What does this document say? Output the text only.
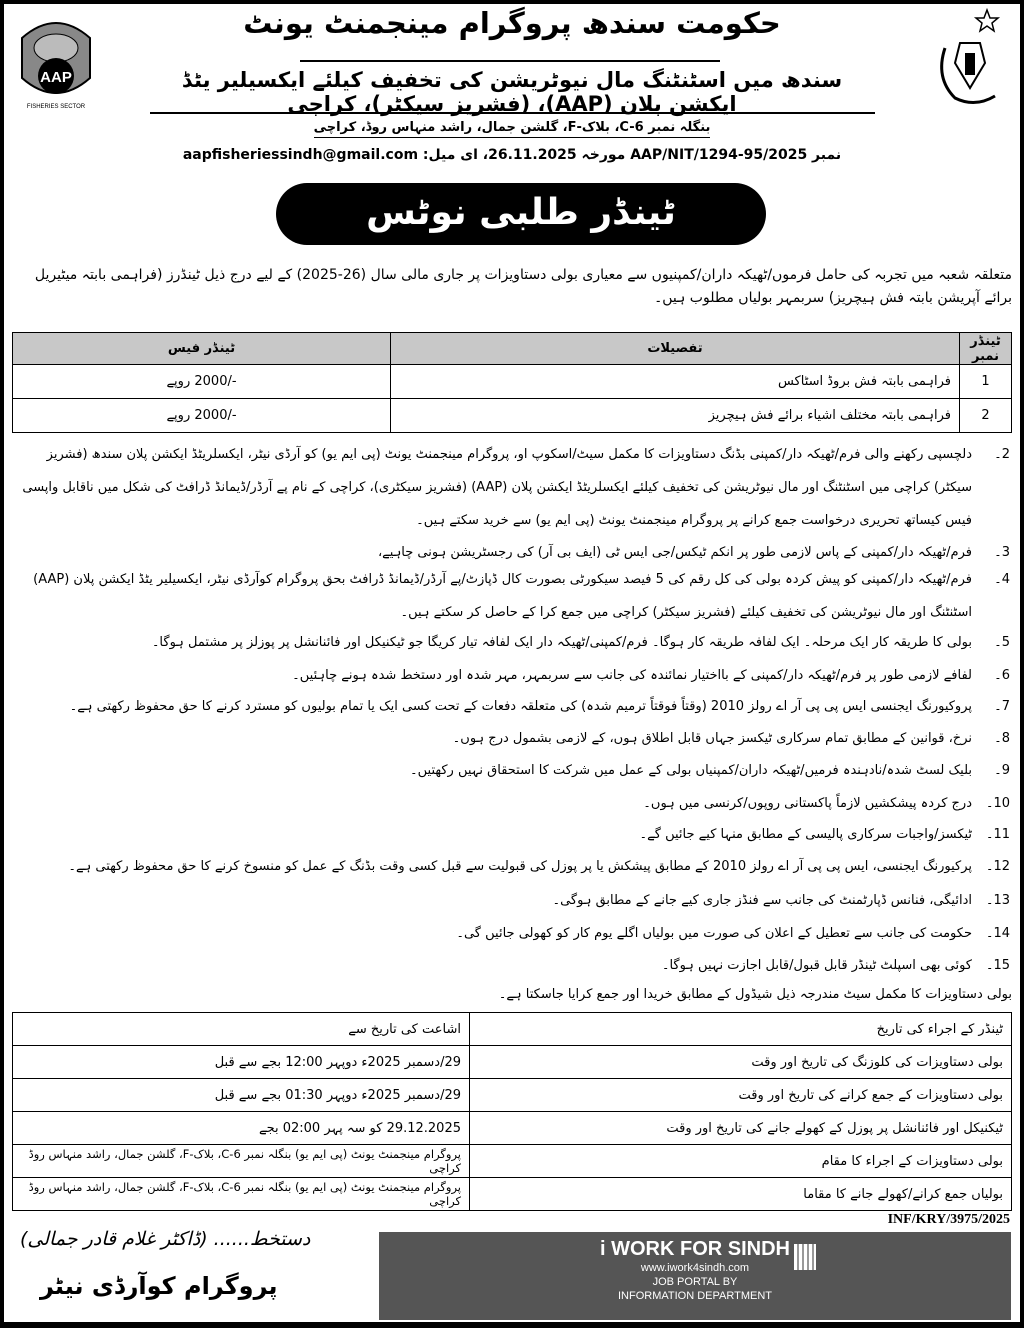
AAP
FISHERIES SECTOR
حکومت سندھ پروگرام مینجمنٹ یونٹ
سندھ میں اسٹنٹنگ مال نیوٹریشن کی تخفیف کیلئے ایکسیلیر یٹڈ ایکشن پلان (AAP)، (فشریز سیکٹر)، کراچی
بنگلہ نمبر C-6، بلاک-F، گلشن جمال، راشد منہاس روڈ، کراچی
نمبر AAP/NIT/1294-95/2025 مورخہ 26.11.2025، ای میل: aapfisheriessindh@gmail.com
ٹینڈر طلبی نوٹس
متعلقہ شعبہ میں تجربہ کی حامل فرموں/ٹھیکہ داران/کمپنیوں سے معیاری بولی دستاویزات پر جاری مالی سال (26-2025) کے لیے درج ذیل ٹینڈرز (فراہمی بابتہ میٹیریل برائے آپریشن بابتہ فش ہیچریز) سربمہر بولیاں مطلوب ہیں۔
ٹینڈر نمبر	تفصیلات	ٹینڈر فیس
1	فراہمی بابتہ فش بروڈ اسٹاکس	-/2000 روپے
2	فراہمی بابتہ مختلف اشیاء برائے فش ہیچریز	-/2000 روپے
2۔
دلچسپی رکھنے والی فرم/ٹھیکہ دار/کمپنی بڈنگ دستاویزات کا مکمل سیٹ/اسکوپ او، پروگرام مینجمنٹ یونٹ (پی ایم یو) کو آرڈی نیٹر، ایکسلریٹڈ ایکشن پلان سندھ (فشریز سیکٹر) کراچی میں اسٹنٹنگ اور مال نیوٹریشن کی تخفیف کیلئے ایکسلریٹڈ ایکشن پلان (AAP) (فشریز سیکٹری)، کراچی کے نام پے آرڈر/ڈیمانڈ ڈرافٹ کی شکل میں ناقابل واپسی فیس کیساتھ تحریری درخواست جمع کرانے پر پروگرام مینجمنٹ یونٹ (پی ایم یو) سے خرید سکتے ہیں۔
3۔
فرم/ٹھیکہ دار/کمپنی کے پاس لازمی طور پر انکم ٹیکس/جی ایس ٹی (ایف بی آر) کی رجسٹریشن ہونی چاہیے،
4۔
فرم/ٹھیکہ دار/کمپنی کو پیش کردہ بولی کی کل رقم کی 5 فیصد سیکورٹی بصورت کال ڈپازٹ/پے آرڈر/ڈیمانڈ ڈرافٹ بحق پروگرام کوآرڈی نیٹر، ایکسیلیر یٹڈ ایکشن پلان (AAP) اسٹنٹنگ اور مال نیوٹریشن کی تخفیف کیلئے (فشریز سیکٹر) کراچی میں جمع کرا کے حاصل کر سکتے ہیں۔
5۔
بولی کا طریقہ کار ایک مرحلہ۔ ایک لفافہ طریقہ کار ہوگا۔ فرم/کمپنی/ٹھیکہ دار ایک لفافہ تیار کریگا جو ٹیکنیکل اور فائنانشل پر پوزلز پر مشتمل ہوگا۔
6۔
لفافے لازمی طور پر فرم/ٹھیکہ دار/کمپنی کے بااختیار نمائندہ کی جانب سے سربمہر، مہر شدہ اور دستخط شدہ ہونے چاہئیں۔
7۔
پروکیورنگ ایجنسی ایس پی پی آر اے رولز 2010 (وقتاً فوقتاً ترمیم شدہ) کی متعلقہ دفعات کے تحت کسی ایک یا تمام بولیوں کو مسترد کرنے کا حق محفوظ رکھتی ہے۔
8۔
نرخ، قوانین کے مطابق تمام سرکاری ٹیکسز جہاں قابل اطلاق ہوں، کے لازمی بشمول درج ہوں۔
9۔
بلیک لسٹ شدہ/نادہندہ فرمیں/ٹھیکہ داران/کمپنیاں بولی کے عمل میں شرکت کا استحقاق نہیں رکھتیں۔
10۔
درج کردہ پیشکشیں لازماً پاکستانی روپوں/کرنسی میں ہوں۔
11۔
ٹیکسز/واجبات سرکاری پالیسی کے مطابق منہا کیے جائیں گے۔
12۔
پرکیورنگ ایجنسی، ایس پی پی آر اے رولز 2010 کے مطابق پیشکش یا پر پوزل کی قبولیت سے قبل کسی وقت بڈنگ کے عمل کو منسوخ کرنے کا حق محفوظ رکھتی ہے۔
13۔
ادائیگی، فنانس ڈپارٹمنٹ کی جانب سے فنڈز جاری کیے جانے کے مطابق ہوگی۔
14۔
حکومت کی جانب سے تعطیل کے اعلان کی صورت میں بولیاں اگلے یوم کار کو کھولی جائیں گی۔
15۔
کوئی بھی اسپلٹ ٹینڈر قابل قبول/قابل اجازت نہیں ہوگا۔
بولی دستاویزات کا مکمل سیٹ مندرجہ ذیل شیڈول کے مطابق خریدا اور جمع کرایا جاسکتا ہے۔
ٹینڈر کے اجراء کی تاریخ	اشاعت کی تاریخ سے
بولی دستاویزات کی کلوزنگ کی تاریخ اور وقت	29/دسمبر 2025ء دوپہر 12:00 بجے سے قبل
بولی دستاویزات کے جمع کرانے کی تاریخ اور وقت	29/دسمبر 2025ء دوپہر 01:30 بجے سے قبل
ٹیکنیکل اور فائنانشل پر پوزل کے کھولے جانے کی تاریخ اور وقت	29.12.2025 کو سہ پہر 02:00 بجے
بولی دستاویزات کے اجراء کا مقام	پروگرام مینجمنٹ یونٹ (پی ایم یو) بنگلہ نمبر C-6، بلاک-F، گلشن جمال، راشد منہاس روڈ کراچی
بولیاں جمع کرانے/کھولے جانے کا مقاما	پروگرام مینجمنٹ یونٹ (پی ایم یو) بنگلہ نمبر C-6، بلاک-F، گلشن جمال، راشد منہاس روڈ کراچی
دستخط...... (ڈاکٹر غلام قادر جمالی)
پروگرام کوآرڈی نیٹر
INF/KRY/3975/2025
i WORK FOR SINDH
www.iwork4sindh.com
JOB PORTAL BY
INFORMATION DEPARTMENT
